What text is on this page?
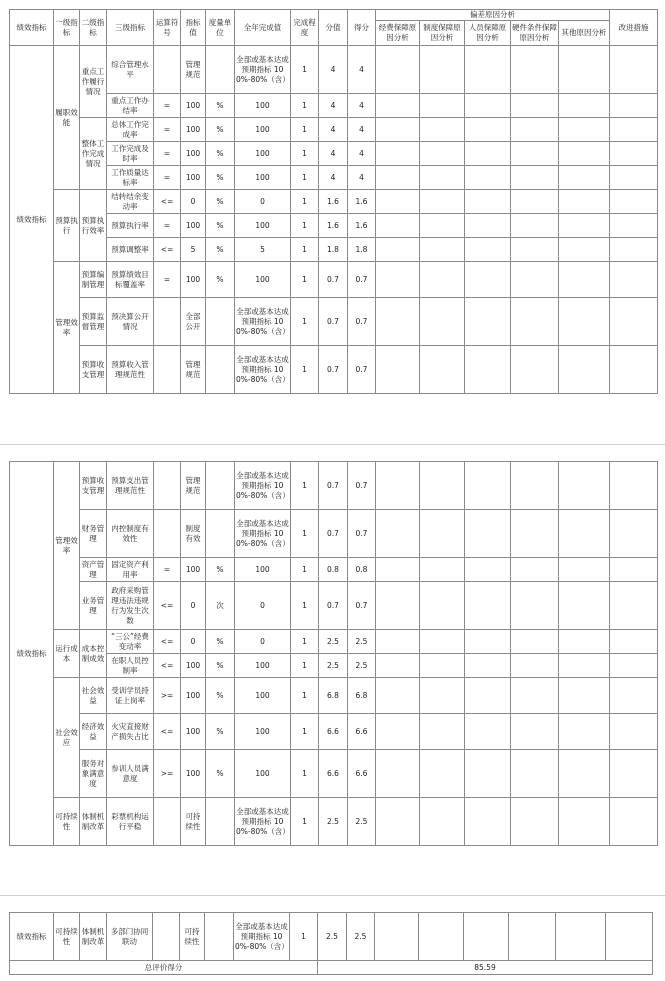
绩效指标	一级指标	二级指标	三级指标	运算符号	指标值	度量单位	全年完成值	完成程度	分值	得分	偏差原因分析					改进措施
											经费保障原因分析	制度保障原因分析	人员保障原因分析	硬件条件保障原因分析	其他原因分析	
绩效指标	履职效能	重点工作履行情况	综合管理水平		管理规范		全部或基本达成预期指标 100%-80%（含）	1	4	4						
			重点工作办结率	=	100	%	100	1	4	4						
		整体工作完成情况	总体工作完成率	=	100	%	100	1	4	4						
			工作完成及时率	=	100	%	100	1	4	4						
			工作质量达标率	=	100	%	100	1	4	4						
	预算执行	预算执行效率	结转结余变动率	<=	0	%	0	1	1.6	1.6						
			预算执行率	=	100	%	100	1	1.6	1.6						
			预算调整率	<=	5	%	5	1	1.8	1.8						
	管理效率	预算编制管理	预算绩效目标覆盖率	=	100	%	100	1	0.7	0.7						
		预算监督管理	预决算公开情况		全部公开		全部或基本达成预期指标 100%-80%（含）	1	0.7	0.7						
		预算收支管理	预算收入管理规范性		管理规范		全部或基本达成预期指标 100%-80%（含）	1	0.7	0.7						
绩效指标	管理效率	预算收支管理	预算支出管理规范性		管理规范		全部或基本达成预期指标 100%-80%（含）	1	0.7	0.7						
		财务管理	内控制度有效性		制度有效		全部或基本达成预期指标 100%-80%（含）	1	0.7	0.7						
		资产管理	固定资产利用率	=	100	%	100	1	0.8	0.8						
		业务管理	政府采购管理违法违规行为发生次数	<=	0	次	0	1	0.7	0.7						
	运行成本	成本控制成效	“三公”经费变动率	<=	0	%	0	1	2.5	2.5						
			在职人员控制率	<=	100	%	100	1	2.5	2.5						
	社会效应	社会效益	受训学员持证上岗率	>=	100	%	100	1	6.8	6.8						
		经济效益	火灾直接财产损失占比	<=	100	%	100	1	6.6	6.6						
		服务对象满意度	参训人员满意度	>=	100	%	100	1	6.6	6.6						
	可持续性	体制机制改革	彩票机构运行平稳		可持续性		全部或基本达成预期指标 100%-80%（含）	1	2.5	2.5						
绩效指标	可持续性	体制机制改革	多部门协同联动		可持续性		全部或基本达成预期指标 100%-80%（含）	1	2.5	2.5						
总评价得分									85.59							
